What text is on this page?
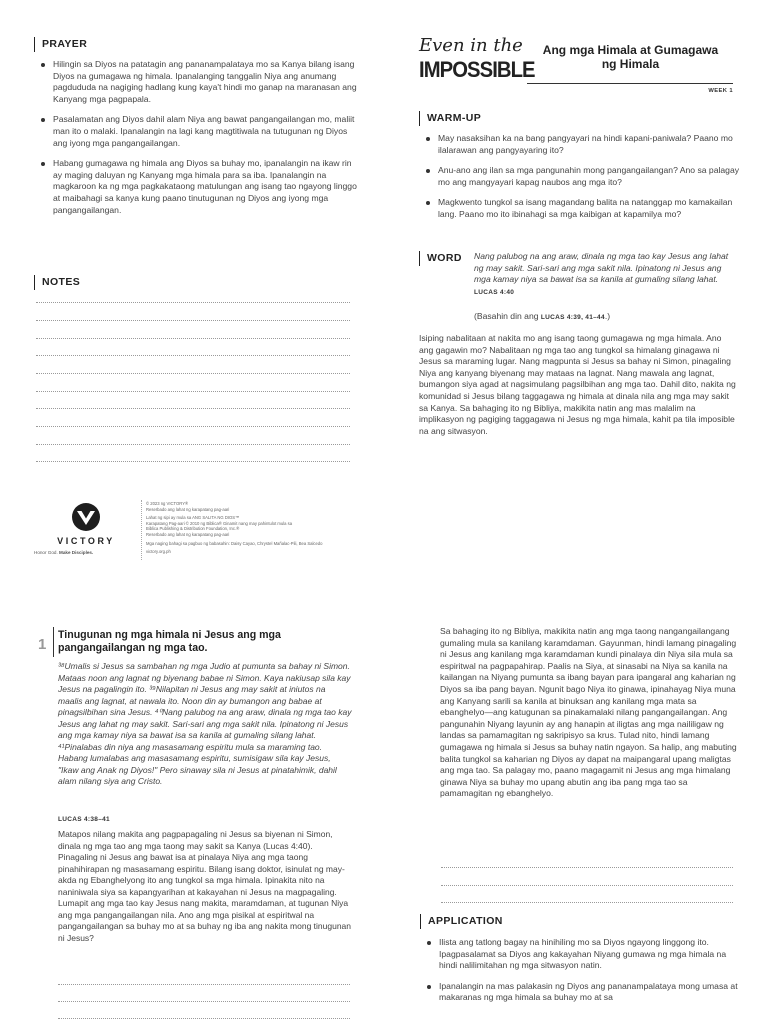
PRAYER
Hilingin sa Diyos na patatagin ang pananampalataya mo sa Kanya bilang isang Diyos na gumagawa ng himala. Ipanalanging tanggalin Niya ang anumang pagdududa na nagiging hadlang kung kaya't hindi mo ganap na maranasan ang Kanyang mga pagpapala.
Pasalamatan ang Diyos dahil alam Niya ang bawat pangangailangan mo, maliit man ito o malaki. Ipanalangin na lagi kang magtitiwala na tutugunan ng Diyos ang iyong mga pangangailangan.
Habang gumagawa ng himala ang Diyos sa buhay mo, ipanalangin na ikaw rin ay maging daluyan ng Kanyang mga himala para sa iba. Ipanalangin na magkaroon ka ng mga pagkakataong matulungan ang isang tao ngayong linggo at maibahagi sa kanya kung paano tinutugunan ng Diyos ang iyong mga pangangailangan.
NOTES
VICTORY
Honor God. Make Disciples.
© 2023 ng VICTORY®
Reserbado ang lahat ng karapatang pag-aari
Lahat ng sipi ay mula sa ANG SALITA NG DIOS™
Karapatang Pag-aari © 2010 ng Biblica® Ginamit nang may pahintulot mula sa
Biblica Publishing & Distribution Foundation, Inc.®
Reserbado ang lahat ng karapatang pag-aari
Mga naging bahagi sa pagbuo ng babasahin: Daisy Cayao, Chrystel Mañalac-Pili, Bea Salcedo
victory.org.ph
Even in the
IMPOSSIBLE
Ang mga Himala at Gumagawa
ng Himala
WEEK 1
WARM-UP
May nasaksihan ka na bang pangyayari na hindi kapani-paniwala? Paano mo ilalarawan ang pangyayaring ito?
Anu-ano ang ilan sa mga pangunahin mong pangangailangan? Ano sa palagay mo ang mangyayari kapag naubos ang mga ito?
Magkwento tungkol sa isang magandang balita na natanggap mo kamakailan lang. Paano mo ito ibinahagi sa mga kaibigan at kapamilya mo?
WORD Nang palubog na ang araw, dinala ng mga tao kay Jesus ang lahat ng may sakit. Sari-sari ang mga sakit nila. Ipinatong ni Jesus ang mga kamay niya sa bawat isa sa kanila at gumaling silang lahat. LUCAS 4:40
(Basahin din ang LUCAS 4:39, 41–44.)
Isiping nabalitaan at nakita mo ang isang taong gumagawa ng mga himala. Ano ang gagawin mo? Nabalitaan ng mga tao ang tungkol sa himalang ginagawa ni Jesus sa maraming lugar. Nang magpunta si Jesus sa bahay ni Simon, pinagaling Niya ang kanyang biyenang may mataas na lagnat. Nang mawala ang lagnat, bumangon siya agad at nagsimulang pagsilbihan ang mga tao. Dahil dito, nakita ng komunidad si Jesus bilang taggagawa ng himala at dinala nila ang mga may sakit sa Kanya. Sa bahaging ito ng Bibliya, makikita natin ang mas malalim na implikasyon ng pagiging taggagawa ni Jesus ng mga himala, kahit pa tila imposible na ang sitwasyon.
1
Tinugunan ng mga himala ni Jesus ang mga
pangangailangan ng mga tao.
³⁸Umalis si Jesus sa sambahan ng mga Judio at pumunta sa bahay ni Simon. Mataas noon ang lagnat ng biyenang babae ni Simon. Kaya nakiusap sila kay Jesus na pagalingin ito. ³⁹Nilapitan ni Jesus ang may sakit at iniutos na maalis ang lagnat, at nawala ito. Noon din ay bumangon ang babae at pinagsilbihan sina Jesus. ⁴⁰Nang palubog na ang araw, dinala ng mga tao kay Jesus ang lahat ng may sakit. Sari-sari ang mga sakit nila. Ipinatong ni Jesus ang mga kamay niya sa bawat isa sa kanila at gumaling silang lahat. ⁴¹Pinalabas din niya ang masasamang espiritu mula sa maraming tao. Habang lumalabas ang masasamang espiritu, sumisigaw sila kay Jesus, "Ikaw ang Anak ng Diyos!" Pero sinaway sila ni Jesus at pinatahimik, dahil alam nilang siya ang Cristo.
LUCAS 4:38–41
Matapos nilang makita ang pagpapagaling ni Jesus sa biyenan ni Simon, dinala ng mga tao ang mga taong may sakit sa Kanya (Lucas 4:40). Pinagaling ni Jesus ang bawat isa at pinalaya Niya ang mga taong pinahihirapan ng masasamang espiritu. Bilang isang doktor, isinulat ng may-akda ng Ebanghelyong ito ang tungkol sa mga himala. Ipinakita nito na naniniwala siya sa kapangyarihan at kakayahan ni Jesus na magpagaling. Lumapit ang mga tao kay Jesus nang makita, maramdaman, at tugunan Niya ang mga pangangailangan nila. Ano ang mga pisikal at espiritwal na pangangailangan sa buhay mo at sa buhay ng iba ang nakita mong tinugunan ni Jesus?
Sa bahaging ito ng Bibliya, makikita natin ang mga taong nangangailangang gumaling mula sa kanilang karamdaman. Gayunman, hindi lamang pinagaling ni Jesus ang kanilang mga karamdaman kundi pinalaya din Niya sila mula sa espiritwal na pagpapahirap. Paalis na Siya, at sinasabi na Niya sa kanila na kailangan na Niyang pumunta sa ibang bayan para ipangaral ang kaharian ng Diyos sa iba pang bayan. Ngunit bago Niya ito ginawa, ipinahayag Niya muna ang Kanyang sarili sa kanila at binuksan ang kanilang mga mata sa ebanghelyo—ang katugunan sa pinakamalaki nilang pangangailangan. Ang pangunahin Niyang layunin ay ang hanapin at iligtas ang mga naililigaw ng landas sa pamamagitan ng sakripisyo sa krus. Tulad nito, hindi lamang gumagawa ng himala si Jesus sa buhay natin ngayon. Sa halip, ang mabuting balita tungkol sa kaharian ng Diyos ay dapat na maipangaral upang maligtas ang mga tao. Sa palagay mo, paano magagamit ni Jesus ang mga himalang ginawa Niya sa buhay mo upang abutin ang iba pang mga tao sa pamamagitan ng ebanghelyo.
APPLICATION
Ilista ang tatlong bagay na hinihiling mo sa Diyos ngayong linggong ito. Ipagpasalamat sa Diyos ang kakayahan Niyang gumawa ng mga himala na hindi nalilimitahan ng mga sitwasyon natin.
Ipanalangin na mas palakasin ng Diyos ang pananampalataya mong umasa at makaranas ng mga himala sa buhay mo at sa
